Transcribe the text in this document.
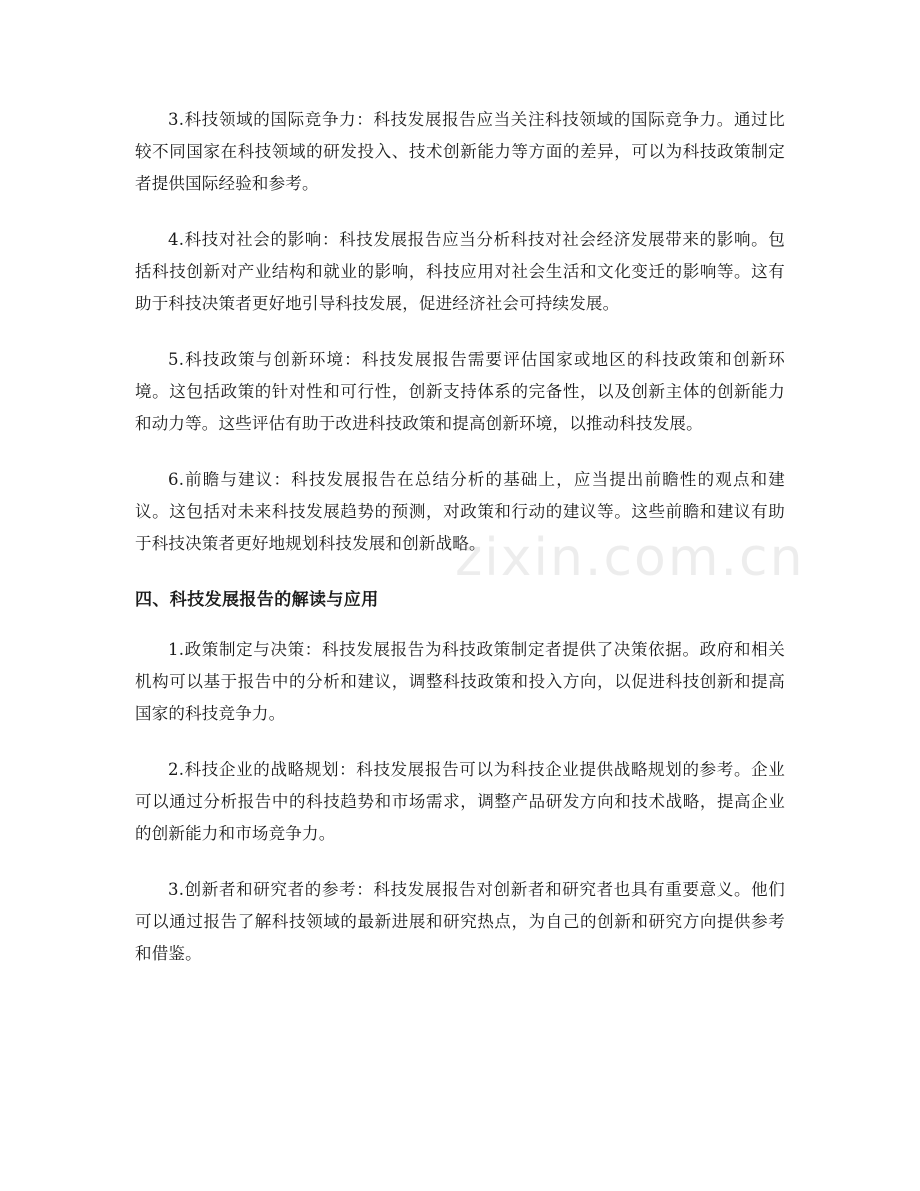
3.科技领域的国际竞争力：科技发展报告应当关注科技领域的国际竞争力。通过比较不同国家在科技领域的研发投入、技术创新能力等方面的差异，可以为科技政策制定者提供国际经验和参考。

4.科技对社会的影响：科技发展报告应当分析科技对社会经济发展带来的影响。包括科技创新对产业结构和就业的影响，科技应用对社会生活和文化变迁的影响等。这有助于科技决策者更好地引导科技发展，促进经济社会可持续发展。

5.科技政策与创新环境：科技发展报告需要评估国家或地区的科技政策和创新环境。这包括政策的针对性和可行性，创新支持体系的完备性，以及创新主体的创新能力和动力等。这些评估有助于改进科技政策和提高创新环境，以推动科技发展。

6.前瞻与建议：科技发展报告在总结分析的基础上，应当提出前瞻性的观点和建议。这包括对未来科技发展趋势的预测，对政策和行动的建议等。这些前瞻和建议有助于科技决策者更好地规划科技发展和创新战略。

四、科技发展报告的解读与应用

1.政策制定与决策：科技发展报告为科技政策制定者提供了决策依据。政府和相关机构可以基于报告中的分析和建议，调整科技政策和投入方向，以促进科技创新和提高国家的科技竞争力。

2.科技企业的战略规划：科技发展报告可以为科技企业提供战略规划的参考。企业可以通过分析报告中的科技趋势和市场需求，调整产品研发方向和技术战略，提高企业的创新能力和市场竞争力。

3.创新者和研究者的参考：科技发展报告对创新者和研究者也具有重要意义。他们可以通过报告了解科技领域的最新进展和研究热点，为自己的创新和研究方向提供参考和借鉴。

zixin.com.cn
